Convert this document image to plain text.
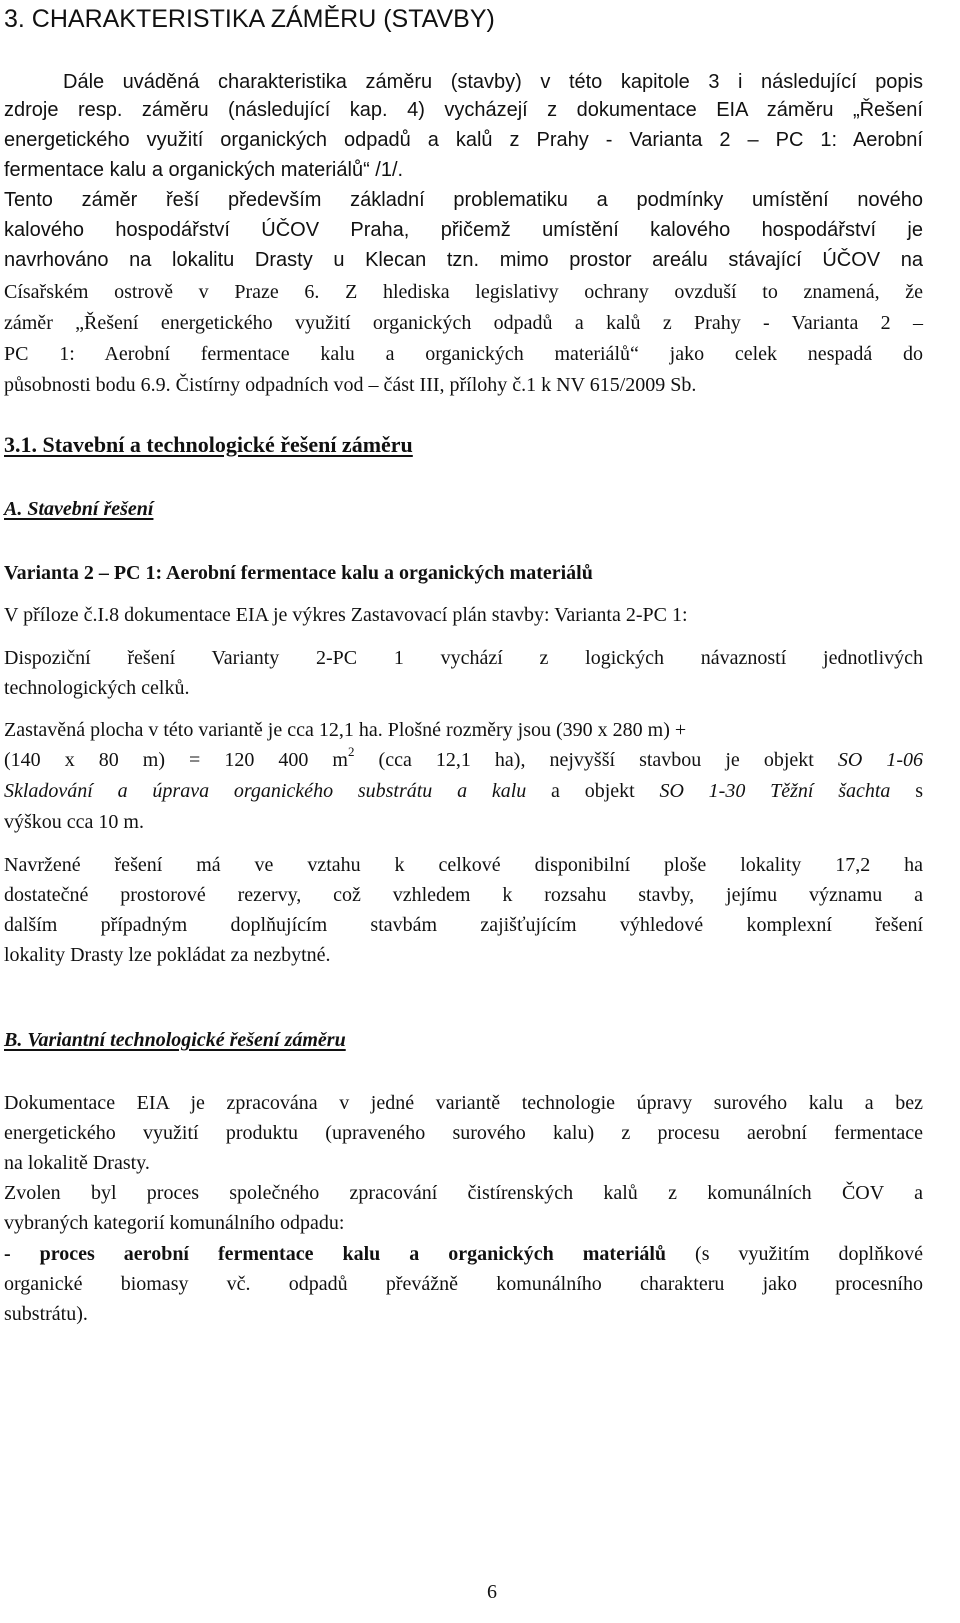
3. CHARAKTERISTIKA ZÁMĚRU (STAVBY)
Dále uváděná charakteristika záměru (stavby) v této kapitole 3 i následující popis
zdroje resp. záměru (následující kap. 4) vycházejí z dokumentace EIA záměru „Řešení
energetického využití organických odpadů a kalů z Prahy - Varianta 2 – PC 1: Aerobní
fermentace kalu a organických materiálů“ /1/.
Tento záměr řeší především základní problematiku a podmínky umístění nového
kalového hospodářství ÚČOV Praha, přičemž umístění kalového hospodářství je
navrhováno na lokalitu Drasty u Klecan tzn. mimo prostor areálu stávající ÚČOV na
Císařském ostrově v Praze 6. Z hlediska legislativy ochrany ovzduší to znamená, že
záměr „Řešení energetického využití organických odpadů a kalů z Prahy - Varianta 2 –
PC 1: Aerobní fermentace kalu a organických materiálů“ jako celek nespadá do
působnosti bodu 6.9. Čistírny odpadních vod – část III, přílohy č.1 k NV 615/2009 Sb.
3.1. Stavební a technologické řešení záměru
A. Stavební řešení
Varianta 2 – PC 1: Aerobní fermentace kalu a organických materiálů
V příloze č.I.8 dokumentace EIA je výkres Zastavovací plán stavby: Varianta 2-PC 1:
Dispoziční řešení Varianty 2-PC 1 vychází z logických návazností jednotlivých
technologických celků.
Zastavěná plocha v této variantě je cca 12,1 ha. Plošné rozměry jsou (390 x 280 m) +
(140 x 80 m) = 120 400 $m^2$ (cca 12,1 ha), nejvyšší stavbou je objekt SO 1-06
Skladování a úprava organického substrátu a kalu a objekt SO 1-30 Těžní šachta s
výškou cca 10 m.
Navržené řešení má ve vztahu k celkové disponibilní ploše lokality 17,2 ha
dostatečné prostorové rezervy, což vzhledem k rozsahu stavby, jejímu významu a
dalším případným doplňujícím stavbám zajišťujícím výhledové komplexní řešení
lokality Drasty lze pokládat za nezbytné.
B. Variantní technologické řešení záměru
Dokumentace EIA je zpracována v jedné variantě technologie úpravy surového kalu a bez
energetického využití produktu (upraveného surového kalu) z procesu aerobní fermentace
na lokalitě Drasty.
Zvolen byl proces společného zpracování čistírenských kalů z komunálních ČOV a
vybraných kategorií komunálního odpadu:
- proces aerobní fermentace kalu a organických materiálů (s využitím doplňkové
organické biomasy vč. odpadů převážně komunálního charakteru jako procesního
substrátu).
6
